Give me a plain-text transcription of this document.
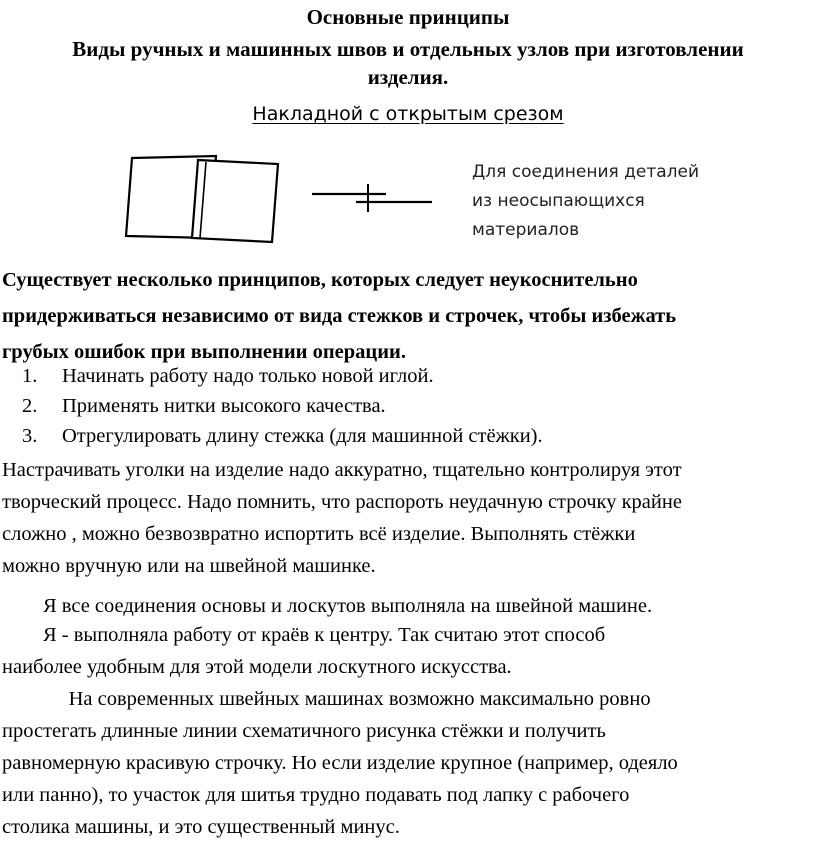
Основные принципы
Виды ручных и машинных швов и отдельных узлов при изготовлении
изделия.
Накладной с открытым срезом
Для соединения деталей
из неосыпающихся
материалов
Существует несколько принципов, которых следует неукоснительно
придерживаться независимо от вида стежков и строчек, чтобы избежать
грубых ошибок при выполнении операции.
1. Начинать работу надо только новой иглой.
2. Применять нитки высокого качества.
3. Отрегулировать длину стежка (для машинной стёжки).
Настрачивать уголки на изделие надо аккуратно, тщательно контролируя этот
творческий процесс. Надо помнить, что распороть неудачную строчку крайне
сложно , можно безвозвратно испортить всё изделие. Выполнять стёжки
можно вручную или на швейной машинке.
Я все соединения основы и лоскутов выполняла на швейной машине.
Я - выполняла работу от краёв к центру. Так считаю этот способ
наиболее удобным для этой модели лоскутного искусства.
На современных швейных машинах возможно максимально ровно
простегать длинные линии схематичного рисунка стёжки и получить
равномерную красивую строчку. Но если изделие крупное (например, одеяло
или панно), то участок для шитья трудно подавать под лапку с рабочего
столика машины, и это существенный минус.
